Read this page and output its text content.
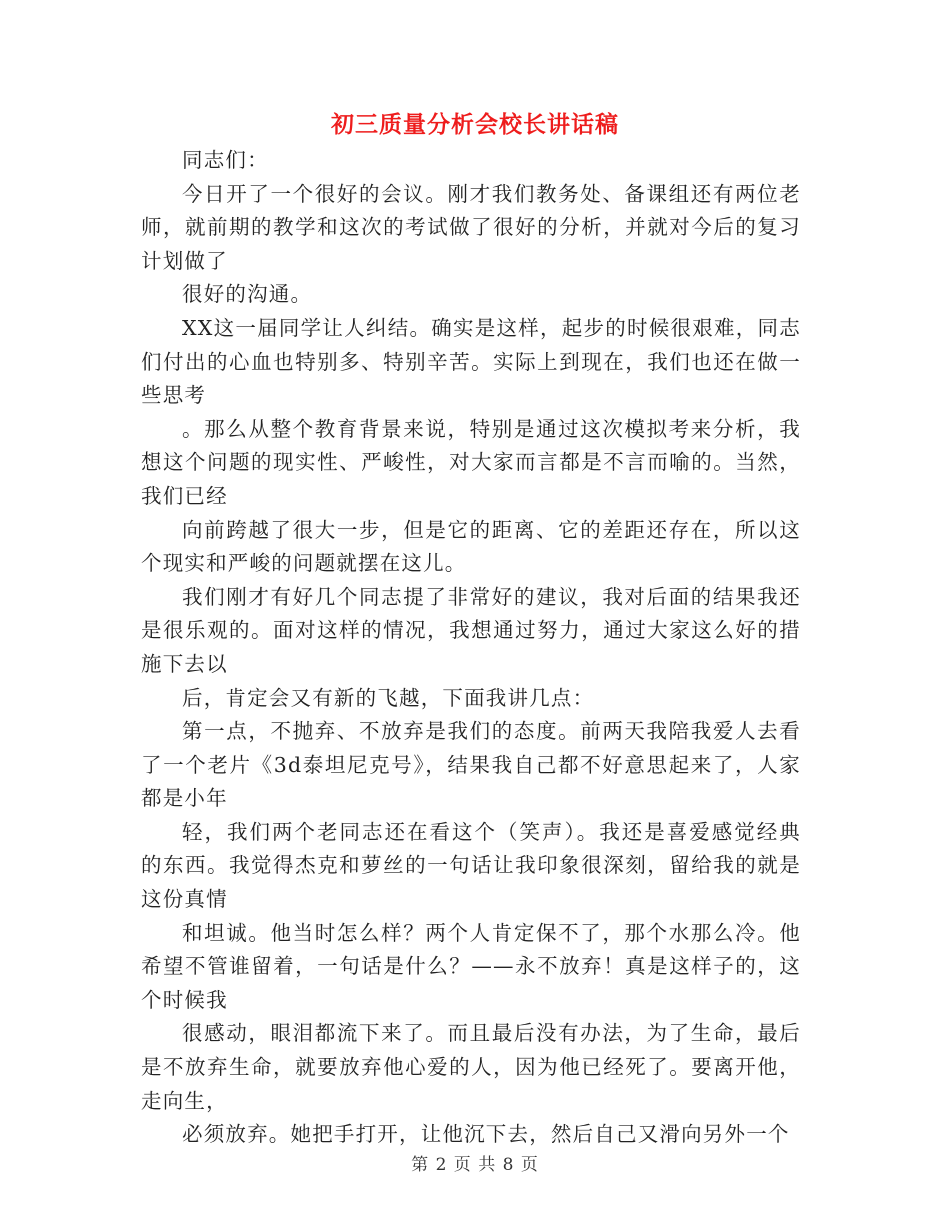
初三质量分析会校长讲话稿

同志们：

今日开了一个很好的会议。刚才我们教务处、备课组还有两位老师，就前期的教学和这次的考试做了很好的分析，并就对今后的复习计划做了

很好的沟通。

XX这一届同学让人纠结。确实是这样，起步的时候很艰难，同志们付出的心血也特别多、特别辛苦。实际上到现在，我们也还在做一些思考

。那么从整个教育背景来说，特别是通过这次模拟考来分析，我想这个问题的现实性、严峻性，对大家而言都是不言而喻的。当然，我们已经

向前跨越了很大一步，但是它的距离、它的差距还存在，所以这个现实和严峻的问题就摆在这儿。

我们刚才有好几个同志提了非常好的建议，我对后面的结果我还是很乐观的。面对这样的情况，我想通过努力，通过大家这么好的措施下去以

后，肯定会又有新的飞越，下面我讲几点：

第一点，不抛弃、不放弃是我们的态度。前两天我陪我爱人去看了一个老片《3d泰坦尼克号》，结果我自己都不好意思起来了，人家都是小年

轻，我们两个老同志还在看这个（笑声）。我还是喜爱感觉经典的东西。我觉得杰克和萝丝的一句话让我印象很深刻，留给我的就是这份真情

和坦诚。他当时怎么样？两个人肯定保不了，那个水那么冷。他希望不管谁留着，一句话是什么？——永不放弃！真是这样子的，这个时候我

很感动，眼泪都流下来了。而且最后没有办法，为了生命，最后是不放弃生命，就要放弃他心爱的人，因为他已经死了。要离开他，走向生，

必须放弃。她把手打开，让他沉下去，然后自己又滑向另外一个

第 2 页 共 8 页
